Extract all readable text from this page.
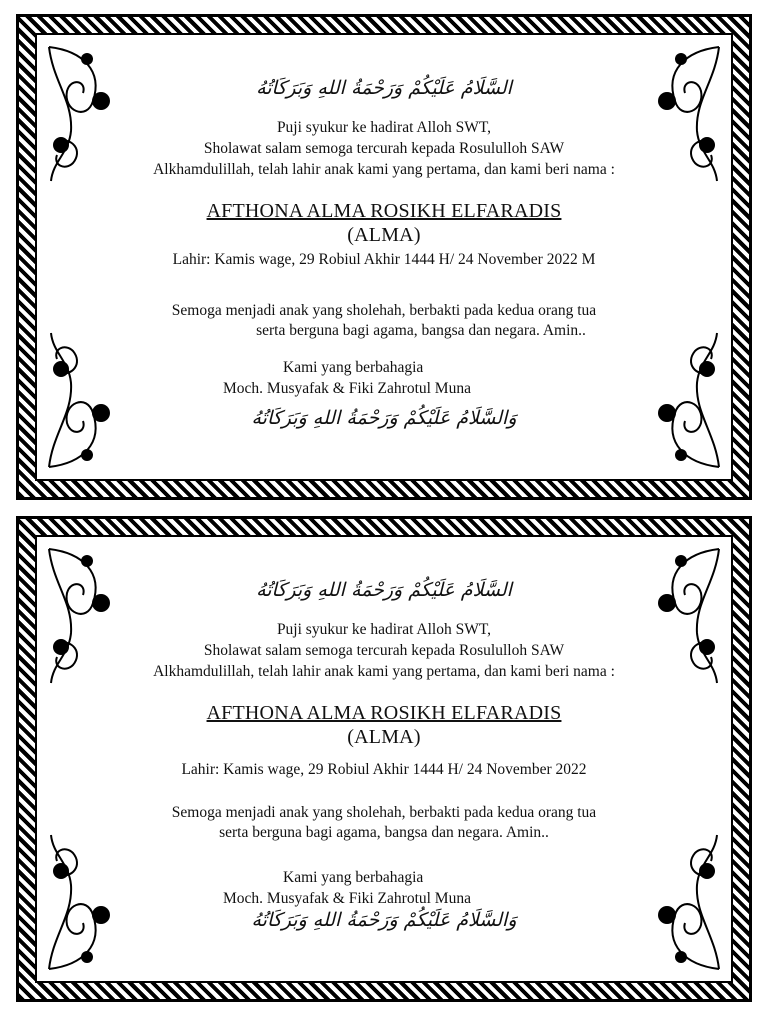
السَّلَامُ عَلَيْكُمْ وَرَحْمَةُ اللهِ وَبَرَكَاتُهُ
Puji syukur ke hadirat Alloh SWT,
Sholawat salam semoga tercurah kepada Rosululloh SAW
Alkhamdulillah, telah lahir anak kami yang pertama, dan kami beri nama :
AFTHONA ALMA ROSIKH ELFARADIS
(ALMA)
Lahir: Kamis wage, 29 Robiul Akhir 1444 H/ 24 November 2022 M
Semoga menjadi anak yang sholehah, berbakti pada kedua orang tua
serta berguna bagi agama, bangsa dan negara. Amin..
Kami yang berbahagia
Moch. Musyafak & Fiki Zahrotul Muna
وَالسَّلَامُ عَلَيْكُمْ وَرَحْمَةُ اللهِ وَبَرَكَاتُهُ
السَّلَامُ عَلَيْكُمْ وَرَحْمَةُ اللهِ وَبَرَكَاتُهُ
Puji syukur ke hadirat Alloh SWT,
Sholawat salam semoga tercurah kepada Rosululloh SAW
Alkhamdulillah, telah lahir anak kami yang pertama, dan kami beri nama :
AFTHONA ALMA ROSIKH ELFARADIS
(ALMA)
Lahir: Kamis wage, 29 Robiul Akhir 1444 H/ 24 November 2022
Semoga menjadi anak yang sholehah, berbakti pada kedua orang tua
serta berguna bagi agama, bangsa dan negara. Amin..
Kami yang berbahagia
Moch. Musyafak & Fiki Zahrotul Muna
وَالسَّلَامُ عَلَيْكُمْ وَرَحْمَةُ اللهِ وَبَرَكَاتُهُ
